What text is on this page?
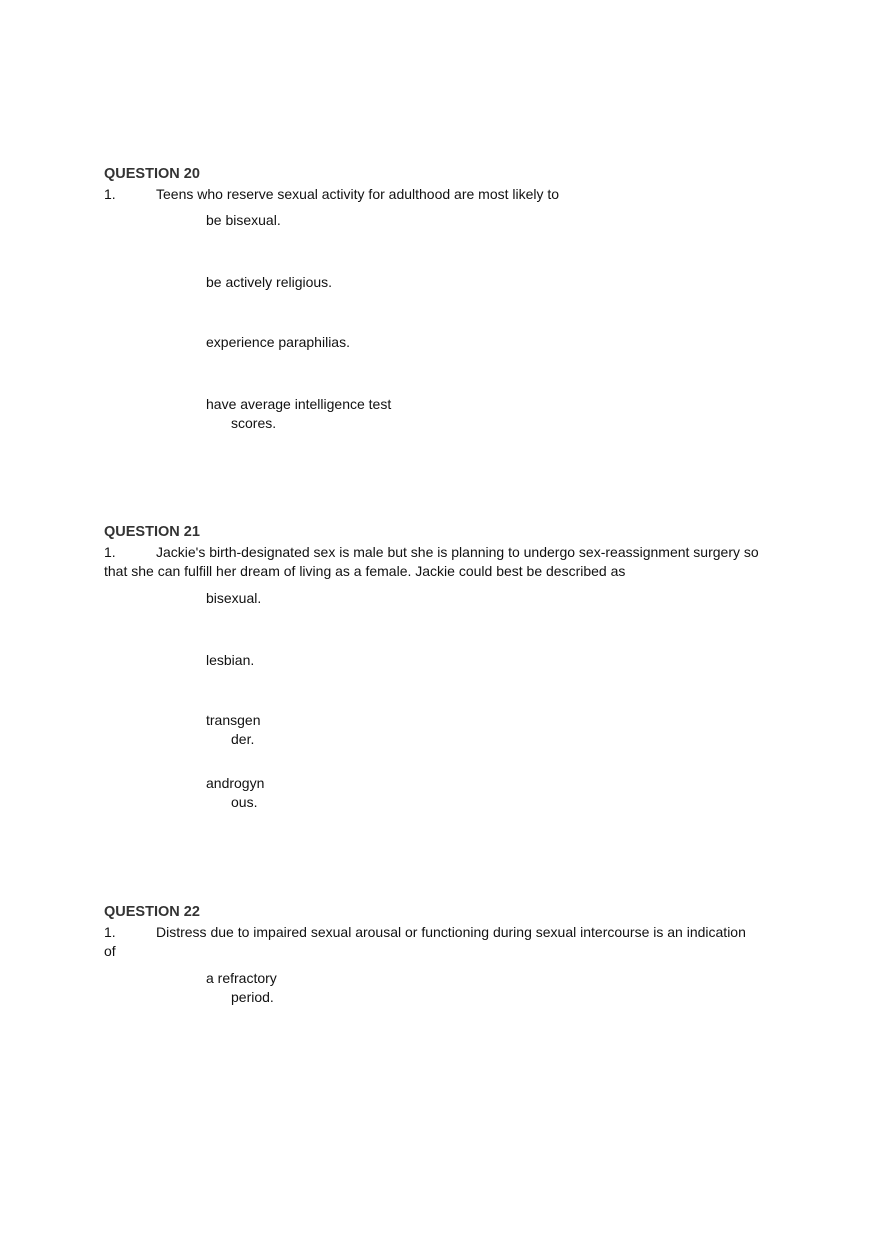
QUESTION 20
1.	Teens who reserve sexual activity for adulthood are most likely to
be bisexual.
be actively religious.
experience paraphilias.
have average intelligence test
scores.
QUESTION 21
1.	Jackie's birth-designated sex is male but she is planning to undergo sex-reassignment surgery so
that she can fulfill her dream of living as a female. Jackie could best be described as
bisexual.
lesbian.
transgen
der.
androgyn
ous.
QUESTION 22
1.	Distress due to impaired sexual arousal or functioning during sexual intercourse is an indication
of
a refractory
period.
